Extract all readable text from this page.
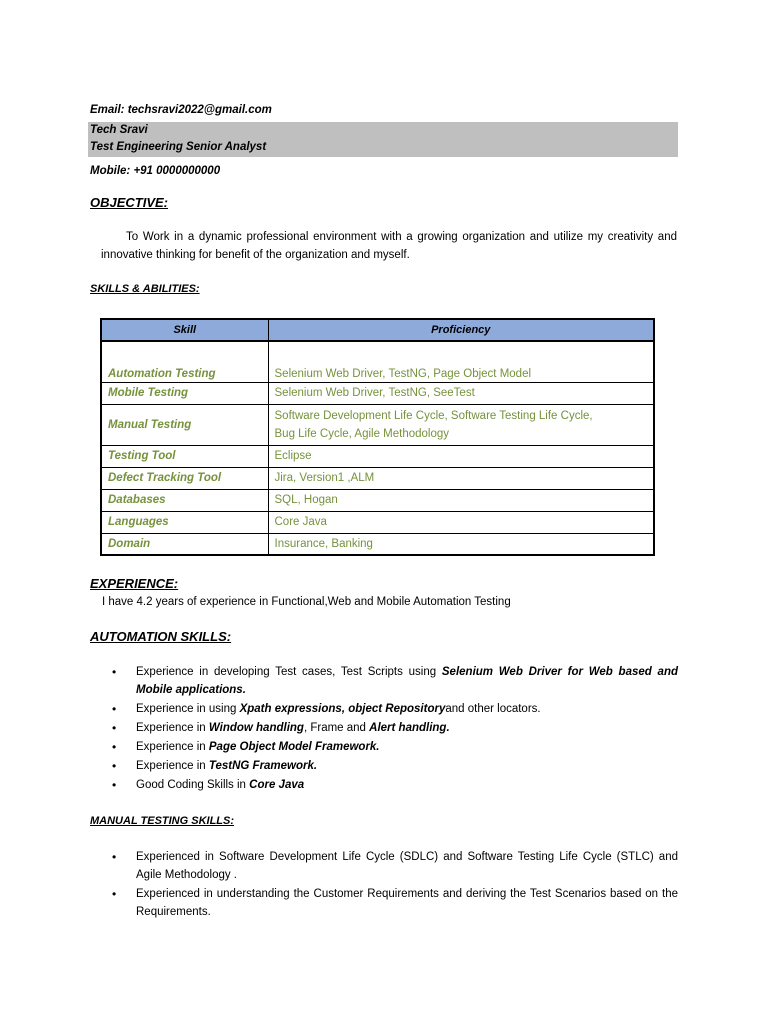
Email: techsravi2022@gmail.com
Tech Sravi
Test Engineering Senior Analyst
Mobile: +91 0000000000
OBJECTIVE:
To Work in a dynamic professional environment with a growing organization and utilize my creativity and innovative thinking for benefit of the organization and myself.
SKILLS & ABILITIES:
Skill	Proficiency
Automation Testing	Selenium Web Driver, TestNG, Page Object Model
Mobile Testing	Selenium Web Driver, TestNG, SeeTest
Manual Testing	Software Development Life Cycle, Software Testing Life Cycle,
Bug Life Cycle, Agile Methodology

Testing Tool	Eclipse
Defect Tracking Tool	Jira, Version1 ,ALM
Databases	SQL, Hogan
Languages	Core Java
Domain	Insurance, Banking
EXPERIENCE:
I have 4.2 years of experience in Functional,Web and Mobile Automation Testing
AUTOMATION SKILLS:
• Experience in developing Test cases, Test Scripts using Selenium Web Driver for Web based and Mobile applications.
• Experience in using Xpath expressions, object Repositoryand other locators.
• Experience in Window handling, Frame and Alert handling.
• Experience in Page Object Model Framework.
• Experience in TestNG Framework.
• Good Coding Skills in Core Java
MANUAL TESTING SKILLS:
• Experienced in Software Development Life Cycle (SDLC) and Software Testing Life Cycle (STLC) and Agile Methodology .
• Experienced in understanding the Customer Requirements and deriving the Test Scenarios based on the Requirements.
